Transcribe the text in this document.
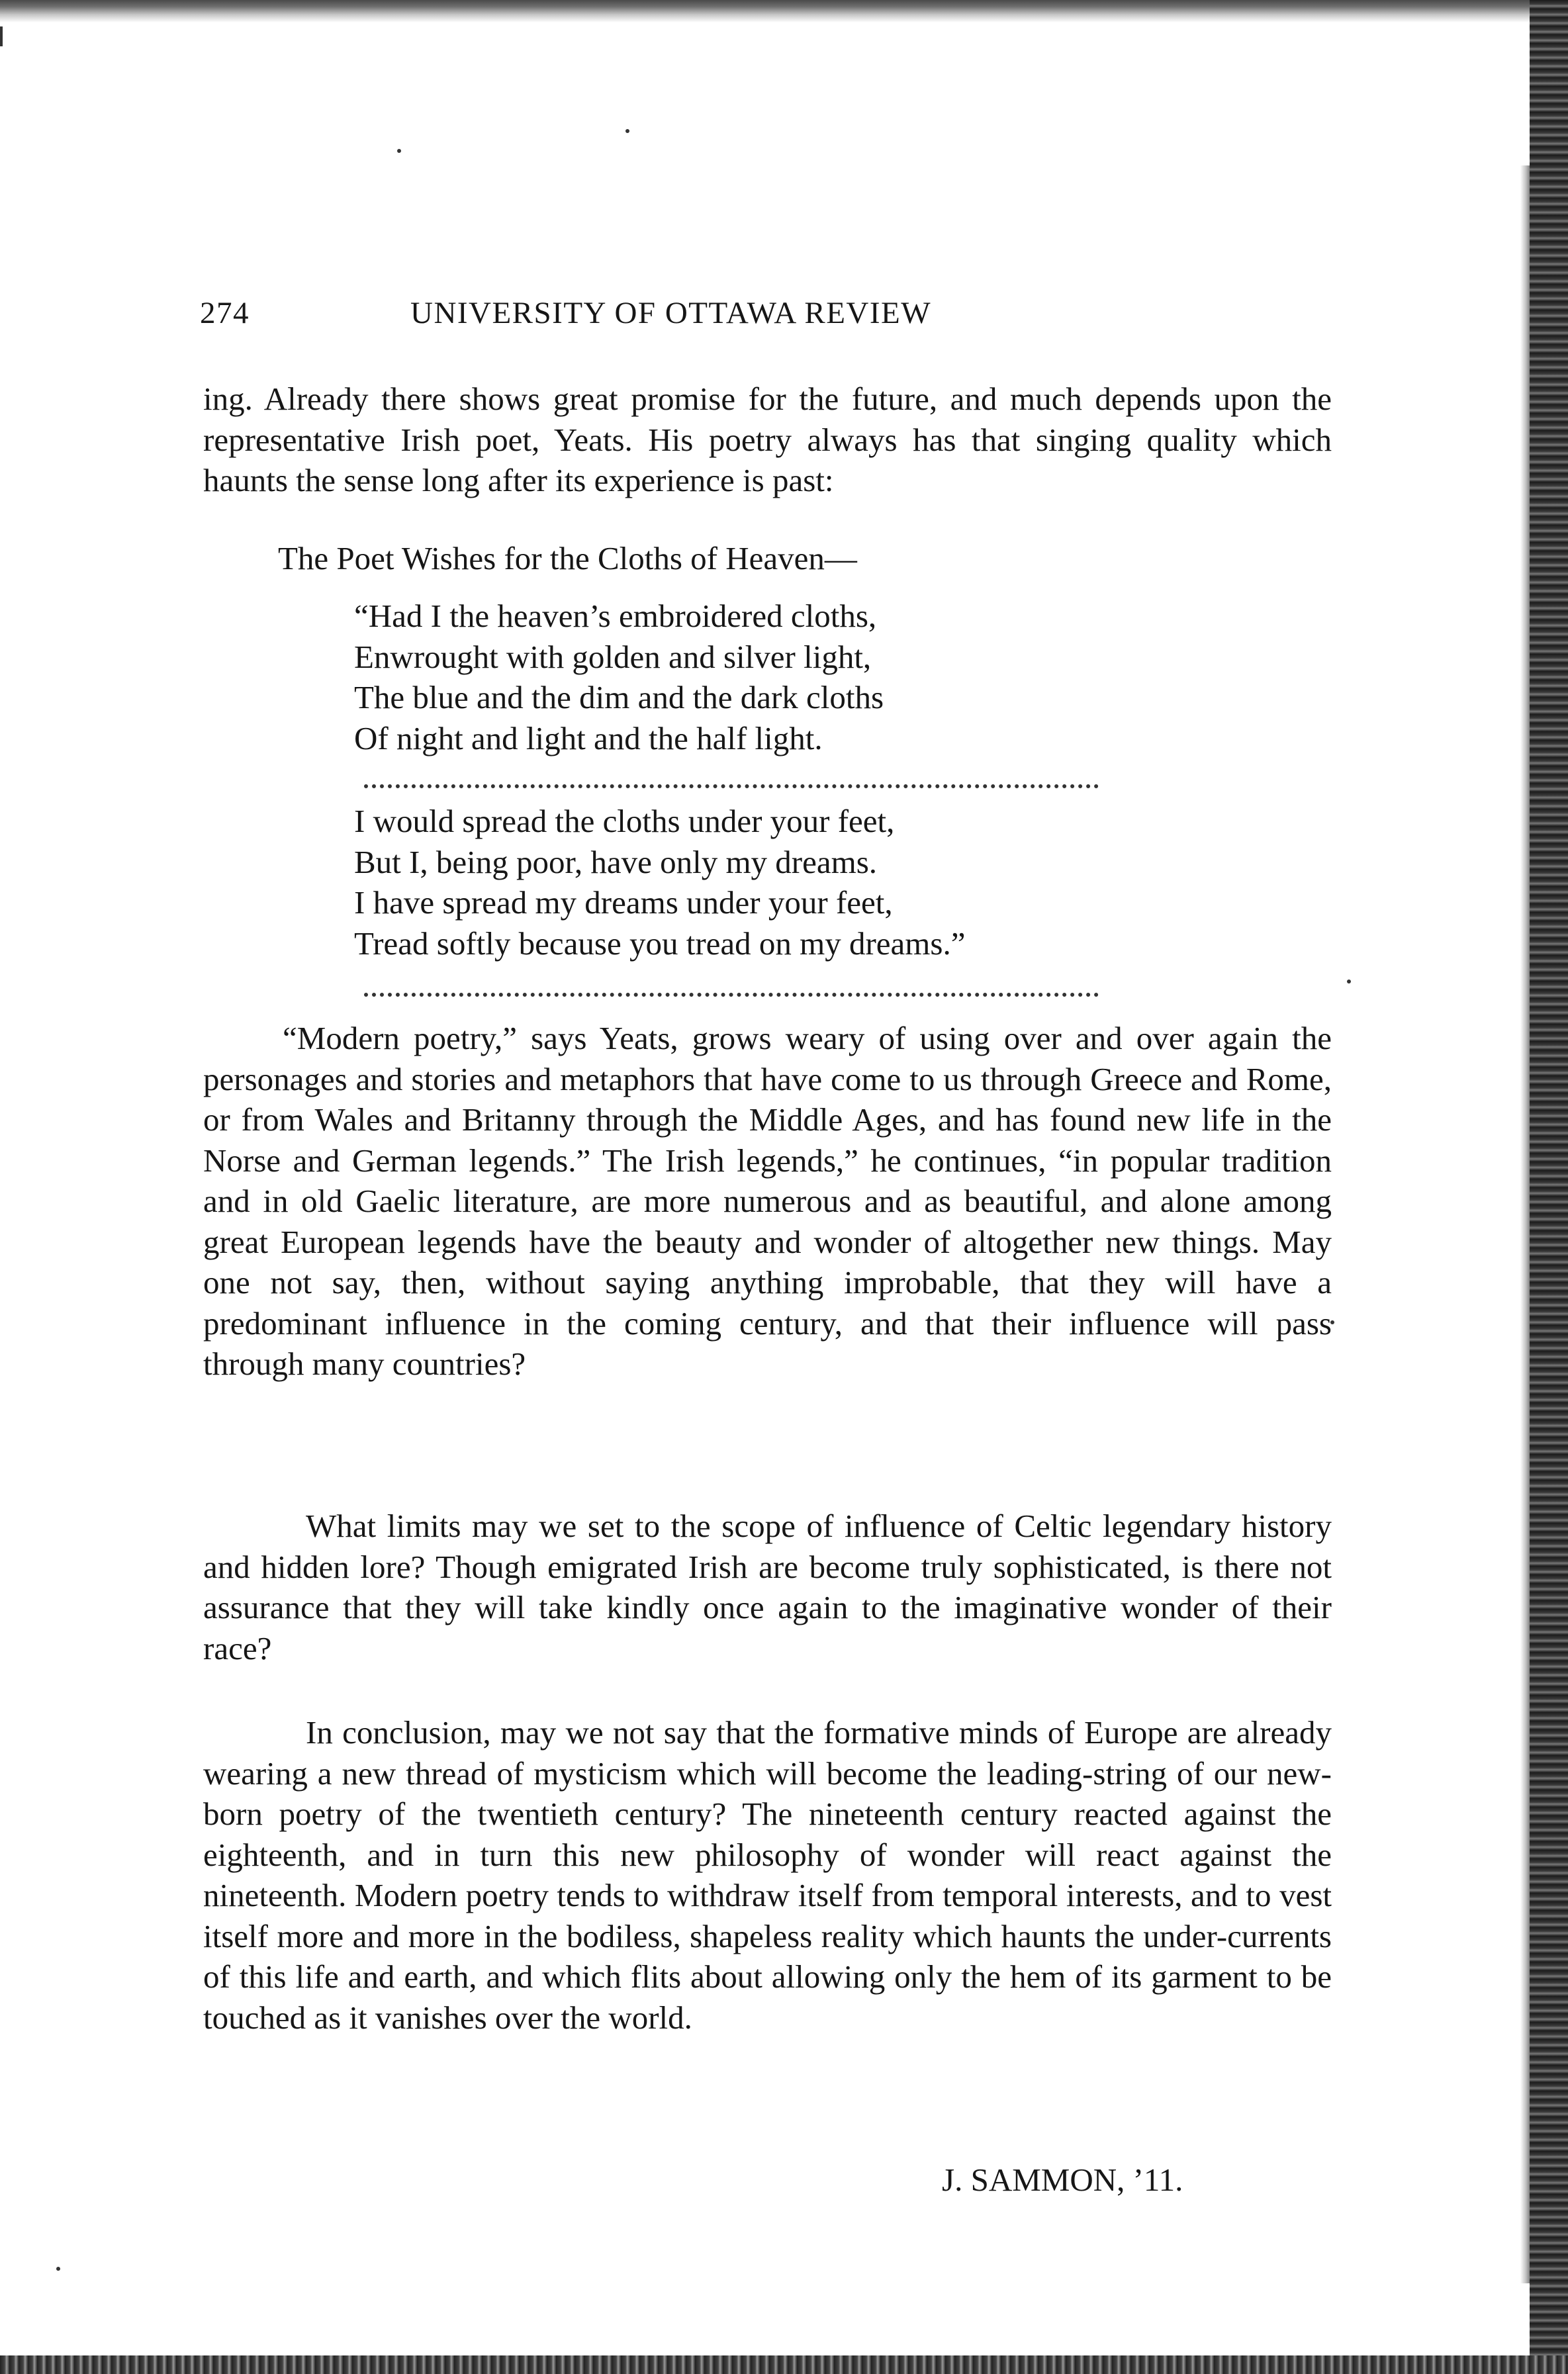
274	UNIVERSITY OF OTTAWA REVIEW
ing. Already there shows great promise for the future, and much depends upon the representative Irish poet, Yeats. His poetry always has that singing quality which haunts the sense long after its experience is past:
The Poet Wishes for the Cloths of Heaven—
“Had I the heaven’s embroidered cloths,
Enwrought with golden and silver light,
The blue and the dim and the dark cloths
Of night and light and the half light.
I would spread the cloths under your feet,
But I, being poor, have only my dreams.
I have spread my dreams under your feet,
Tread softly because you tread on my dreams.”
“Modern poetry,” says Yeats, grows weary of using over and over again the personages and stories and metaphors that have come to us through Greece and Rome, or from Wales and Britanny through the Middle Ages, and has found new life in the Norse and German legends.” The Irish legends,” he continues, “in popular tradition and in old Gaelic literature, are more numerous and as beautiful, and alone among great European legends have the beauty and wonder of altogether new things. May one not say, then, without saying anything improbable, that they will have a predominant influence in the coming century, and that their influence will pass through many countries?
What limits may we set to the scope of influence of Celtic legendary history and hidden lore? Though emigrated Irish are become truly sophisticated, is there not assurance that they will take kindly once again to the imaginative wonder of their race?
In conclusion, may we not say that the formative minds of Europe are already wearing a new thread of mysticism which will become the leading-string of our new-born poetry of the twentieth century? The nineteenth century reacted against the eighteenth, and in turn this new philosophy of wonder will react against the nineteenth. Modern poetry tends to withdraw itself from temporal interests, and to vest itself more and more in the bodiless, shapeless reality which haunts the under-currents of this life and earth, and which flits about allowing only the hem of its garment to be touched as it vanishes over the world.
J. SAMMON, ’11.
